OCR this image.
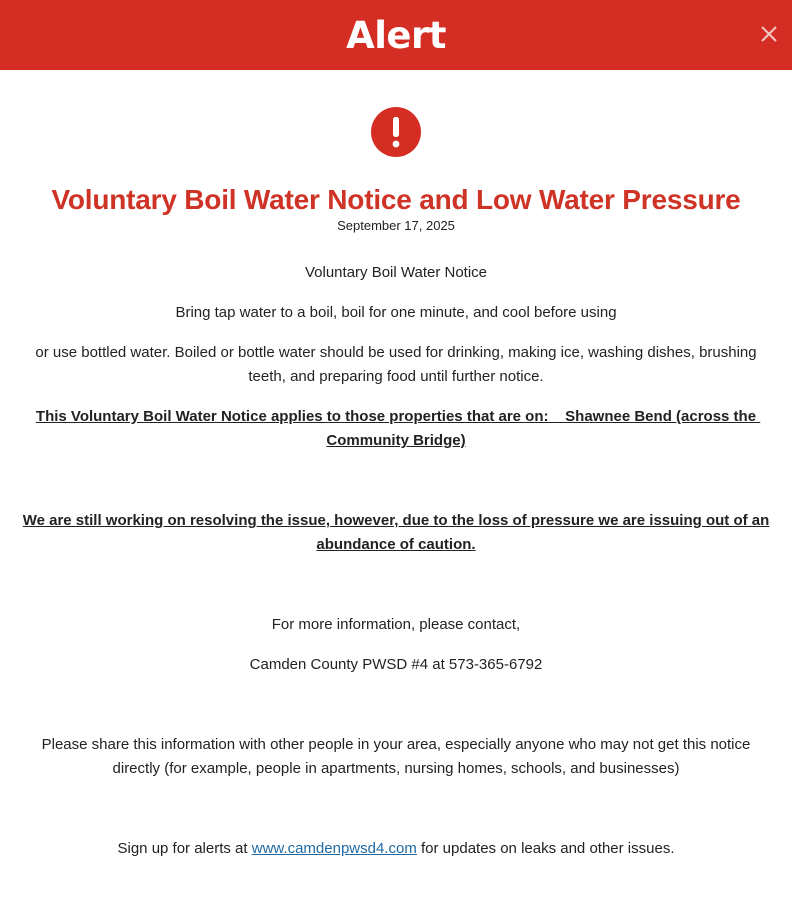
Alert
Voluntary Boil Water Notice and Low Water Pressure

September 17, 2025

Voluntary Boil Water Notice

Bring tap water to a boil, boil for one minute, and cool before using

or use bottled water. Boiled or bottle water should be used for drinking, making ice, washing dishes, brushing teeth, and preparing food until further notice.

This Voluntary Boil Water Notice applies to those properties that are on:    Shawnee Bend (across the Community Bridge)

We are still working on resolving the issue, however, due to the loss of pressure we are issuing out of an abundance of caution.

For more information, please contact,

Camden County PWSD #4 at 573-365-6792

Please share this information with other people in your area, especially anyone who may not get this notice directly (for example, people in apartments, nursing homes, schools, and businesses)

Sign up for alerts at www.camdenpwsd4.com for updates on leaks and other issues.
